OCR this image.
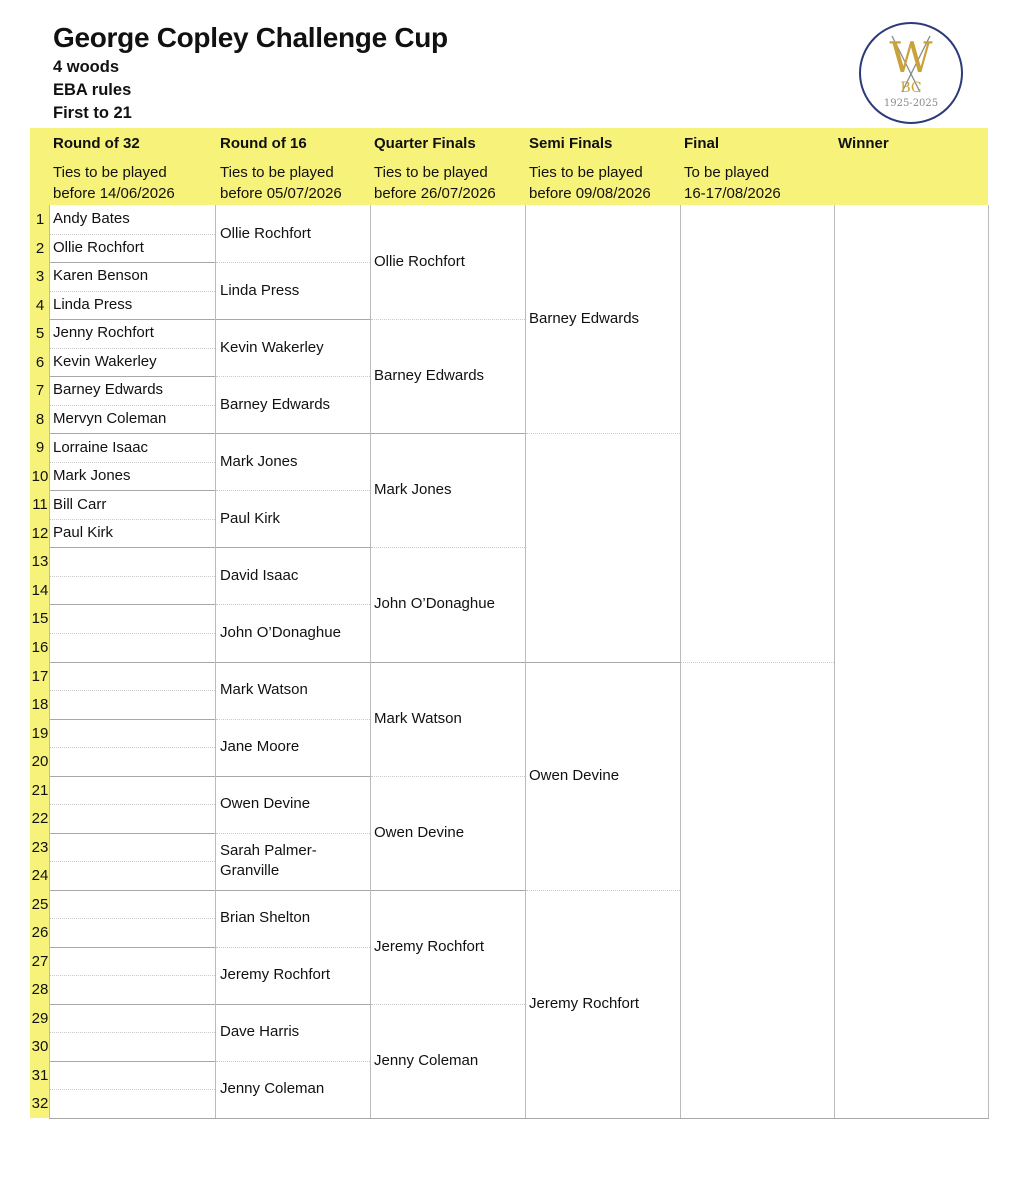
George Copley Challenge Cup
4 woods
EBA rules
First to 21
W
BC
1925-2025
Round of 32
Ties to be played
before 14/06/2026
Round of 16
Ties to be played
before 05/07/2026
Quarter Finals
Ties to be played
before 26/07/2026
Semi Finals
Ties to be played
before 09/08/2026
Final
To be played
16-17/08/2026
Winner
1
2
3
4
5
6
7
8
9
10
11
12
13
14
15
16
17
18
19
20
21
22
23
24
25
26
27
28
29
30
31
32
Andy Bates
Ollie Rochfort
Karen Benson
Linda Press
Jenny Rochfort
Kevin Wakerley
Barney Edwards
Mervyn Coleman
Lorraine Isaac
Mark Jones
Bill Carr
Paul Kirk
Ollie Rochfort
Linda Press
Kevin Wakerley
Barney Edwards
Mark Jones
Paul Kirk
David Isaac
John O’Donaghue
Mark Watson
Jane Moore
Owen Devine
Sarah Palmer-Granville
Brian Shelton
Jeremy Rochfort
Dave Harris
Jenny Coleman
Ollie Rochfort
Barney Edwards
Mark Jones
John O’Donaghue
Mark Watson
Owen Devine
Jeremy Rochfort
Jenny Coleman
Barney Edwards
Owen Devine
Jeremy Rochfort
